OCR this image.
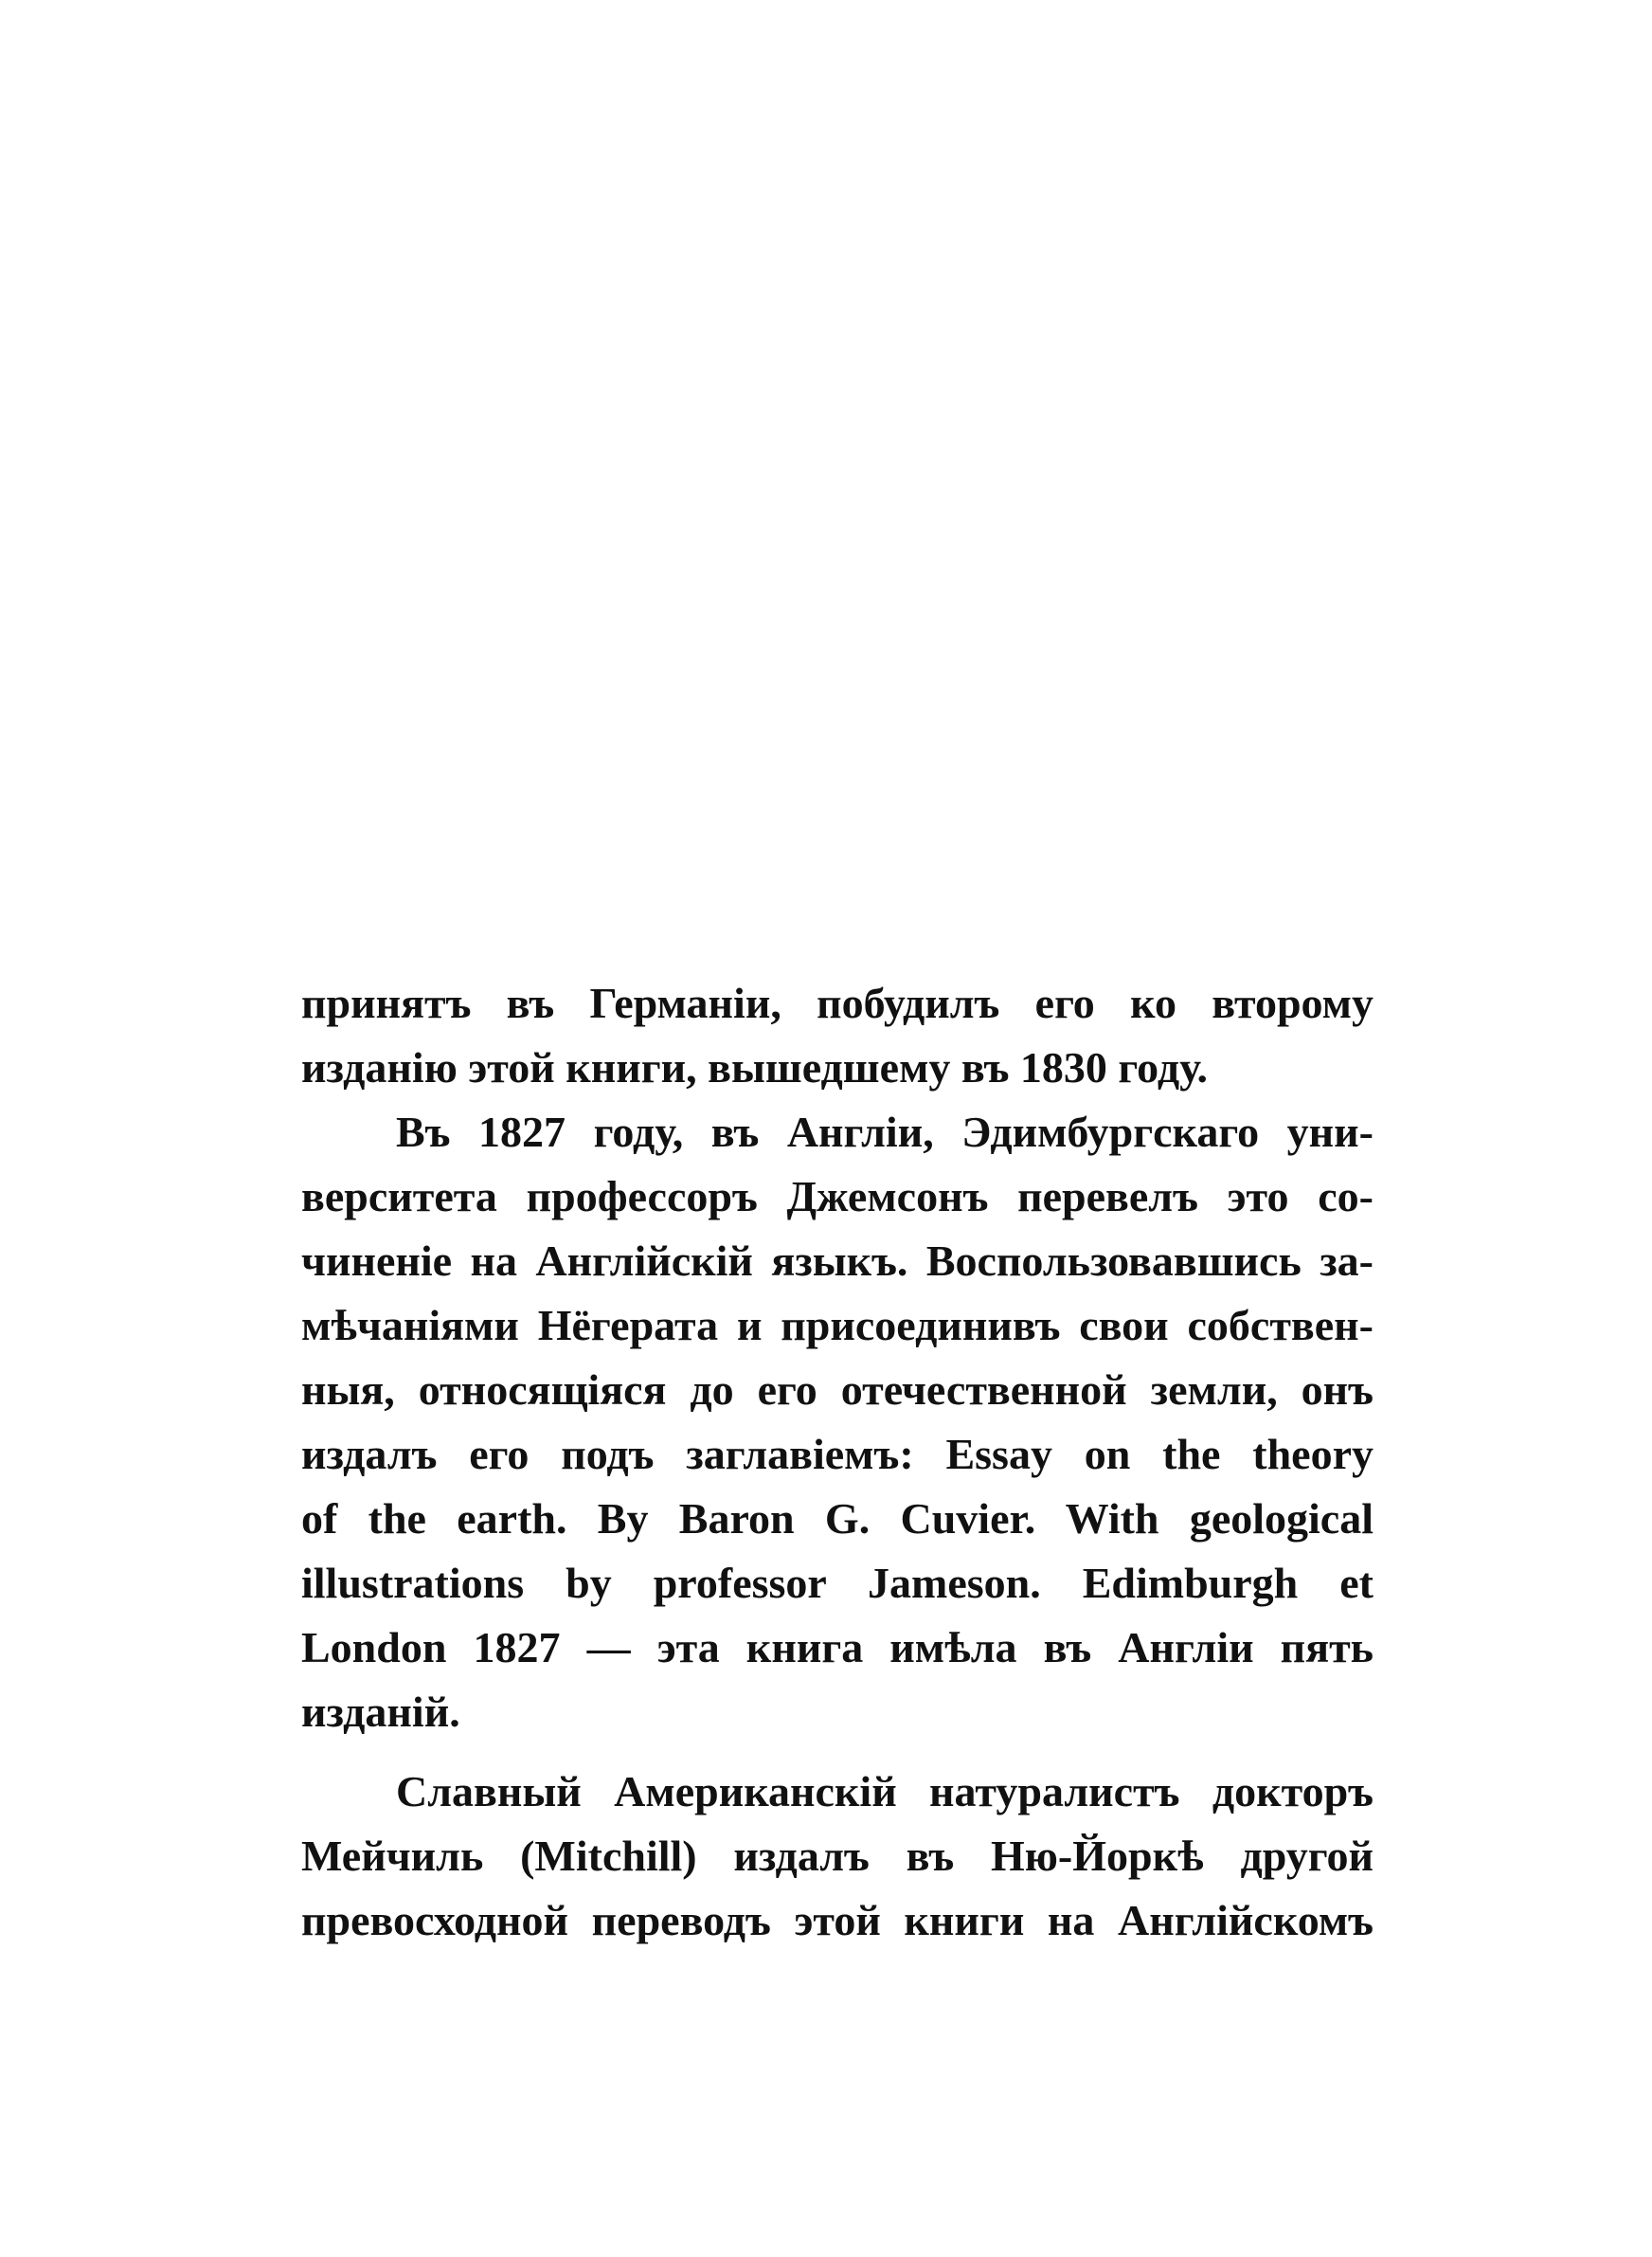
принятъ въ Германіи, побудилъ его ко второму
изданію этой книги, вышедшему въ 1830 году.
Въ 1827 году, въ Англіи, Эдимбургскаго уни-
верситета профессоръ Джемсонъ перевелъ это со-
чиненіе на Англійскій языкъ. Воспользовавшись за-
мѣчаніями Нёгерата и присоединивъ свои собствен-
ныя, относящіяся до его отечественной земли, онъ
издалъ его подъ заглавіемъ: Essay on the theory
of the earth. By Baron G. Cuvier. With geological
illustrations by professor Jameson. Edimburgh et
London 1827 — эта книга имѣла въ Англіи пять
изданій.
Славный Американскій натуралистъ докторъ
Мейчиль (Mitchill) издалъ въ Ню-Йоркѣ другой
превосходной переводъ этой книги на Англійскомъ
